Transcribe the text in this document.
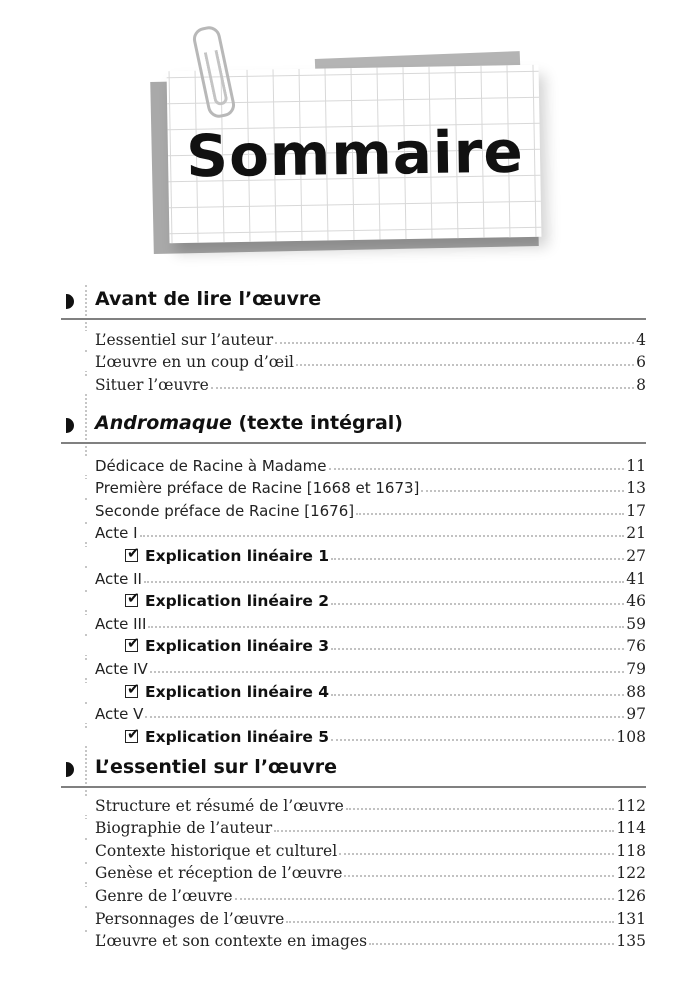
Sommaire
Avant de lire l’œuvre
L’essentiel sur l’auteur	4
L’œuvre en un coup d’œil	6
Situer l’œuvre	8
Andromaque (texte intégral)
Dédicace de Racine à Madame	11
Première préface de Racine [1668 et 1673]	13
Seconde préface de Racine [1676]	17
Acte I	21
✔Explication linéaire 1	27
Acte II	41
✔Explication linéaire 2	46
Acte III	59
✔Explication linéaire 3	76
Acte IV	79
✔Explication linéaire 4	88
Acte V	97
✔Explication linéaire 5	108
L’essentiel sur l’œuvre
Structure et résumé de l’œuvre	112
Biographie de l’auteur	114
Contexte historique et culturel	118
Genèse et réception de l’œuvre	122
Genre de l’œuvre	126
Personnages de l’œuvre	131
L’œuvre et son contexte en images	135
